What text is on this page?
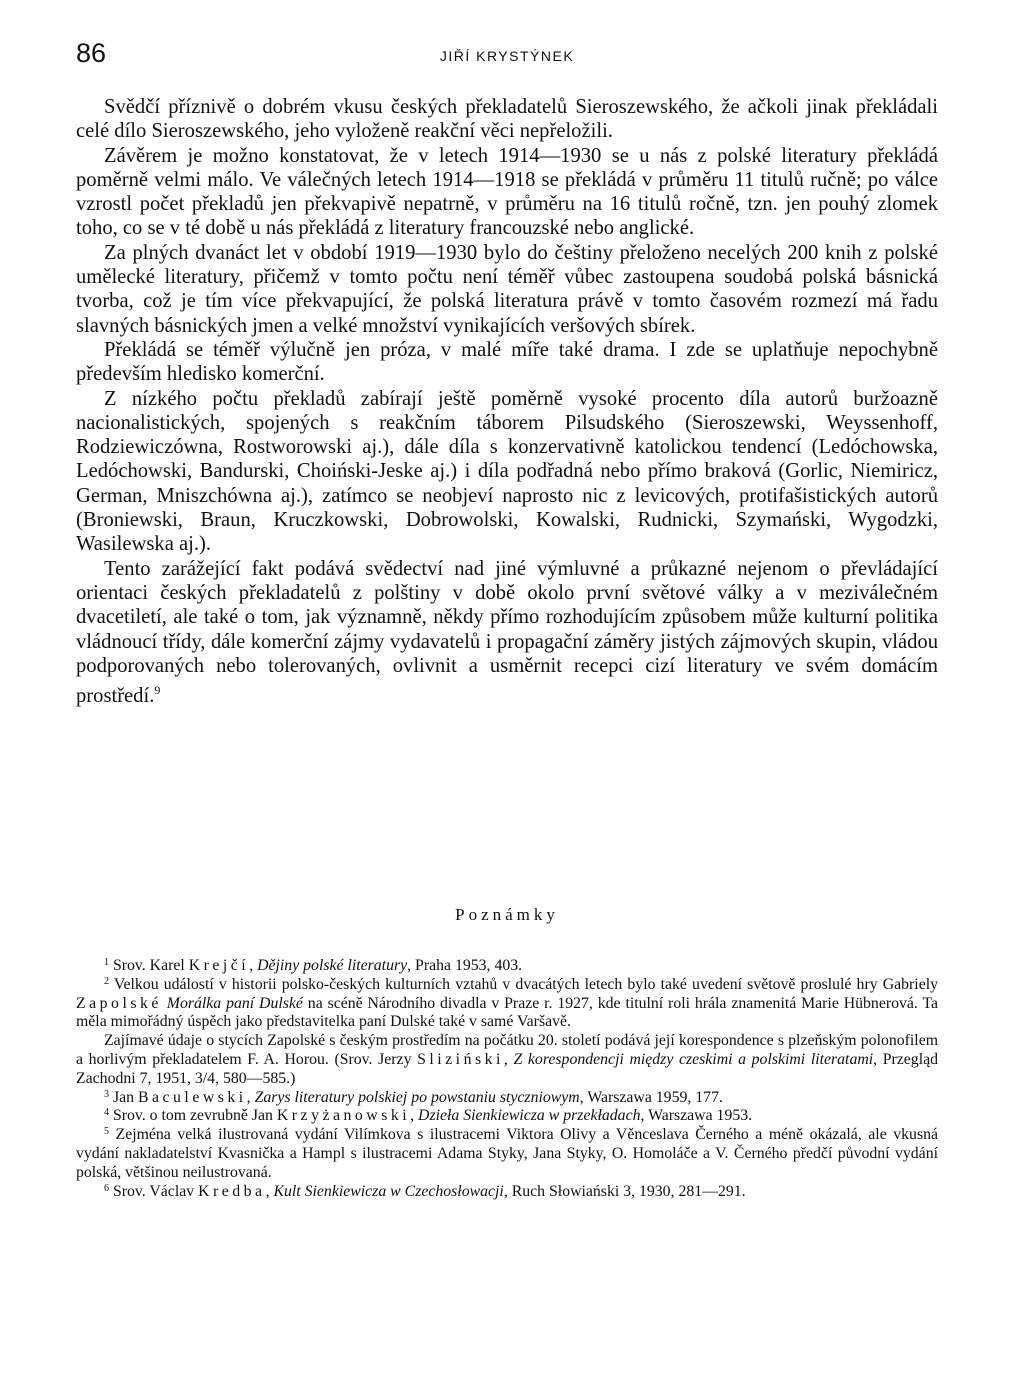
86	JIŘÍ KRYSTÝNEK

Svědčí příznivě o dobrém vkusu českých překladatelů Sieroszewského, že ačkoli jinak překládali celé dílo Sieroszewského, jeho vyloženě reakční věci nepřeložili.

Závěrem je možno konstatovat, že v letech 1914—1930 se u nás z polské literatury překládá poměrně velmi málo. Ve válečných letech 1914—1918 se překládá v průměru 11 titulů ručně; po válce vzrostl počet překladů jen překvapivě nepatrně, v průměru na 16 titulů ročně, tzn. jen pouhý zlomek toho, co se v té době u nás překládá z literatury francouzské nebo anglické.

Za plných dvanáct let v období 1919—1930 bylo do češtiny přeloženo necelých 200 knih z polské umělecké literatury, přičemž v tomto počtu není téměř vůbec zastoupena soudobá polská básnická tvorba, což je tím více překvapující, že polská literatura právě v tomto časovém rozmezí má řadu slavných básnických jmen a velké množství vynikajících veršových sbírek.

Překládá se téměř výlučně jen próza, v malé míře také drama. I zde se uplatňuje nepochybně především hledisko komerční.

Z nízkého počtu překladů zabírají ještě poměrně vysoké procento díla autorů buržoazně nacionalistických, spojených s reakčním táborem Pilsudského (Sieroszewski, Weyssenhoff, Rodziewiczówna, Rostworowski aj.), dále díla s konzervativně katolickou tendencí (Ledóchowska, Ledóchowski, Bandurski, Choiński-Jeske aj.) i díla podřadná nebo přímo braková (Gorlic, Niemiricz, German, Mniszchówna aj.), zatímco se neobjeví naprosto nic z levicových, protifašistických autorů (Broniewski, Braun, Kruczkowski, Dobrowolski, Kowalski, Rudnicki, Szymański, Wygodzki, Wasilewska aj.).

Tento zarážející fakt podává svědectví nad jiné výmluvné a průkazné nejenom o převládající orientaci českých překladatelů z polštiny v době okolo první světové války a v meziválečném dvacetiletí, ale také o tom, jak významně, někdy přímo rozhodujícím způsobem může kulturní politika vládnoucí třídy, dále komerční zájmy vydavatelů i propagační záměry jistých zájmových skupin, vládou podporovaných nebo tolerovaných, ovlivnit a usměrnit recepci cizí literatury ve svém domácím prostředí.$^9$

Poznámky

$^1$ Srov. Karel Krejčí, Dějiny polské literatury, Praha 1953, 403.

$^2$ Velkou událostí v historii polsko-českých kulturních vztahů v dvacátých letech bylo také uvedení světově proslulé hry Gabriely Zapolské Morálka paní Dulské na scéně Národního divadla v Praze r. 1927, kde titulní roli hrála znamenitá Marie Hübnerová. Ta měla mimořádný úspěch jako představitelka paní Dulské také v samé Varšavě.

Zajímavé údaje o stycích Zapolské s českým prostředím na počátku 20. století podává její korespondence s plzeňským polonofilem a horlivým překladatelem F. A. Horou. (Srov. Jerzy Sliziński, Z korespondencji między czeskimi a polskimi literatami, Przegląd Zachodni 7, 1951, 3/4, 580—585.)

$^3$ Jan Baculewski, Zarys literatury polskiej po powstaniu styczniowym, Warszawa 1959, 177.

$^4$ Srov. o tom zevrubně Jan Krzyżanowski, Dzieła Sienkiewicza w przekładach, Warszawa 1953.

$^5$ Zejména velká ilustrovaná vydání Vilímkova s ilustracemi Viktora Olivy a Věnceslava Černého a méně okázalá, ale vkusná vydání nakladatelství Kvasnička a Hampl s ilustracemi Adama Styky, Jana Styky, O. Homoláče a V. Černého předčí původní vydání polská, většinou neilustrovaná.

$^6$ Srov. Václav Kredba, Kult Sienkiewicza w Czechosłowacji, Ruch Słowiański 3, 1930, 281—291.
